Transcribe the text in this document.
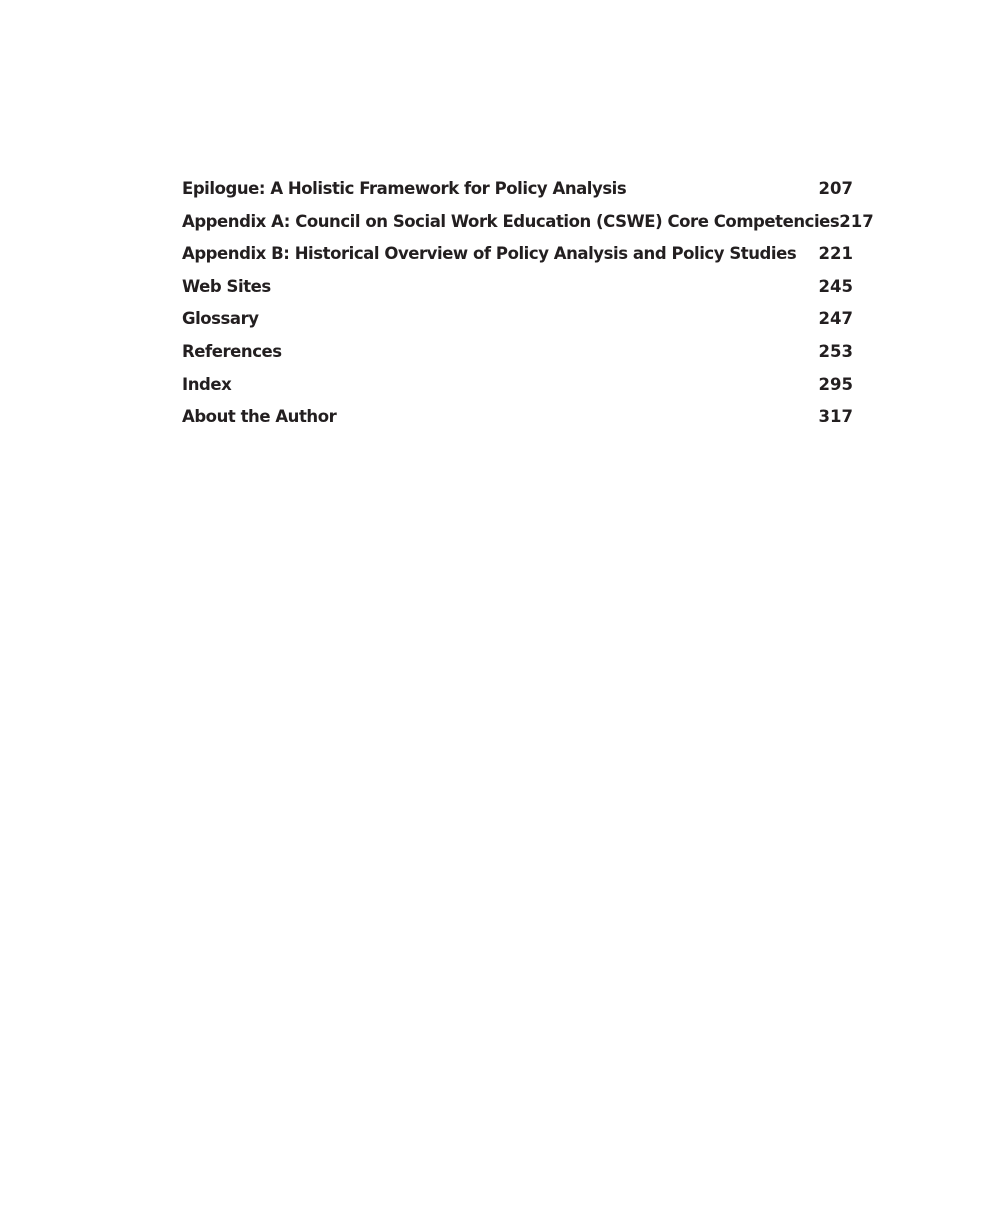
Epilogue: A Holistic Framework for Policy Analysis	207
Appendix A: Council on Social Work Education (CSWE) Core Competencies 217
Appendix B: Historical Overview of Policy Analysis and Policy Studies 221
Web Sites	245
Glossary	247
References	253
Index	295
About the Author	317
